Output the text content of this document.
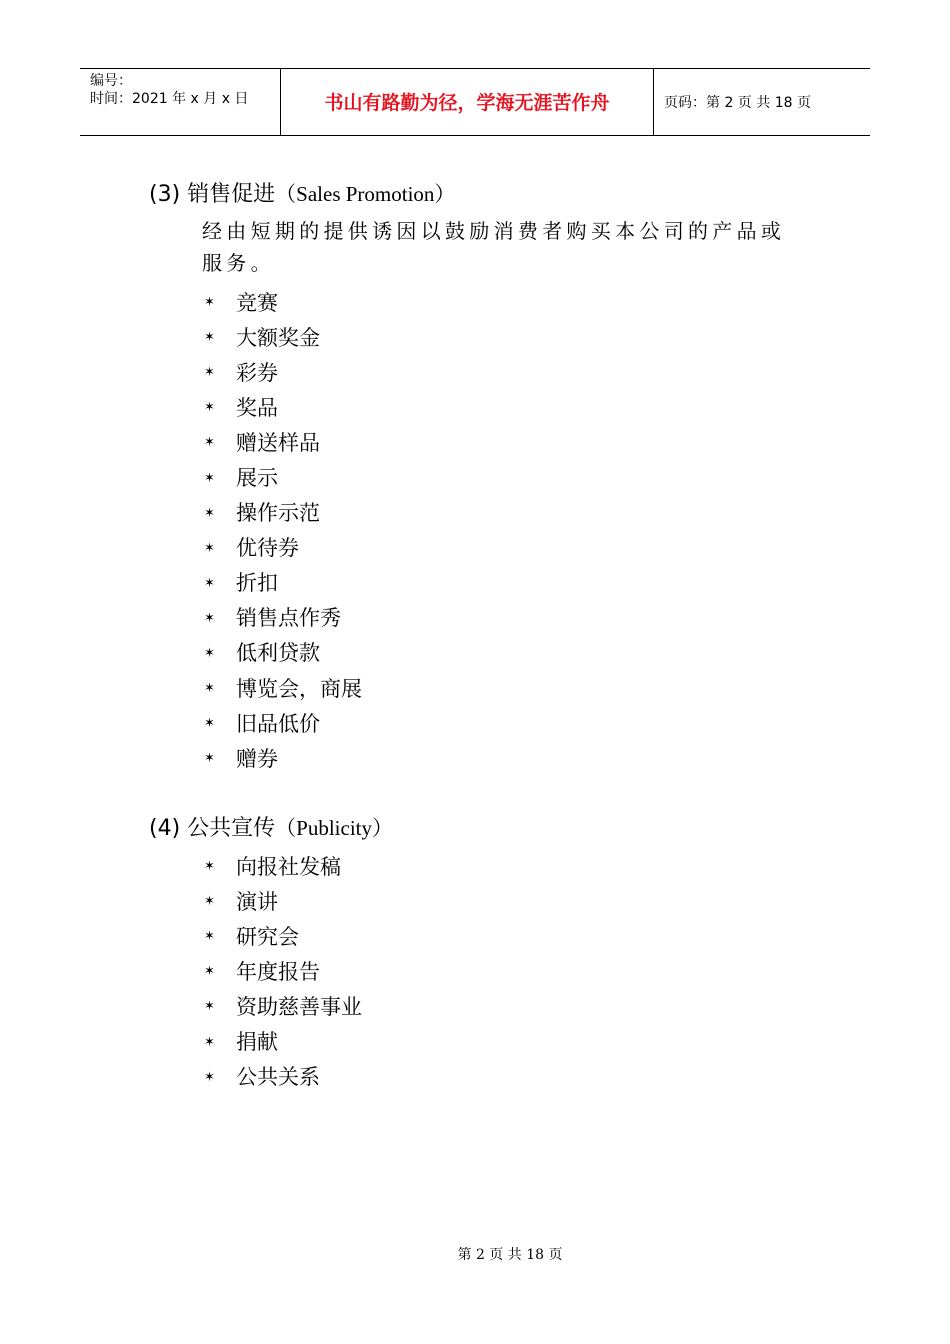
编号：
时间：2021 年 x 月 x 日	书山有路勤为径，学海无涯苦作舟	页码：第 2 页 共 18 页
(3) 销售促进（Sales Promotion）

经由短期的提供诱因以鼓励消费者购买本公司的产品或服务。

✶	竞赛
✶	大额奖金
✶	彩券
✶	奖品
✶	赠送样品
✶	展示
✶	操作示范
✶	优待券
✶	折扣
✶	销售点作秀
✶	低利贷款
✶	博览会，商展
✶	旧品低价
✶	赠券
(4) 公共宣传（Publicity）
✶	向报社发稿
✶	演讲
✶	研究会
✶	年度报告
✶	资助慈善事业
✶	捐献
✶	公共关系
第 2 页 共 18 页
